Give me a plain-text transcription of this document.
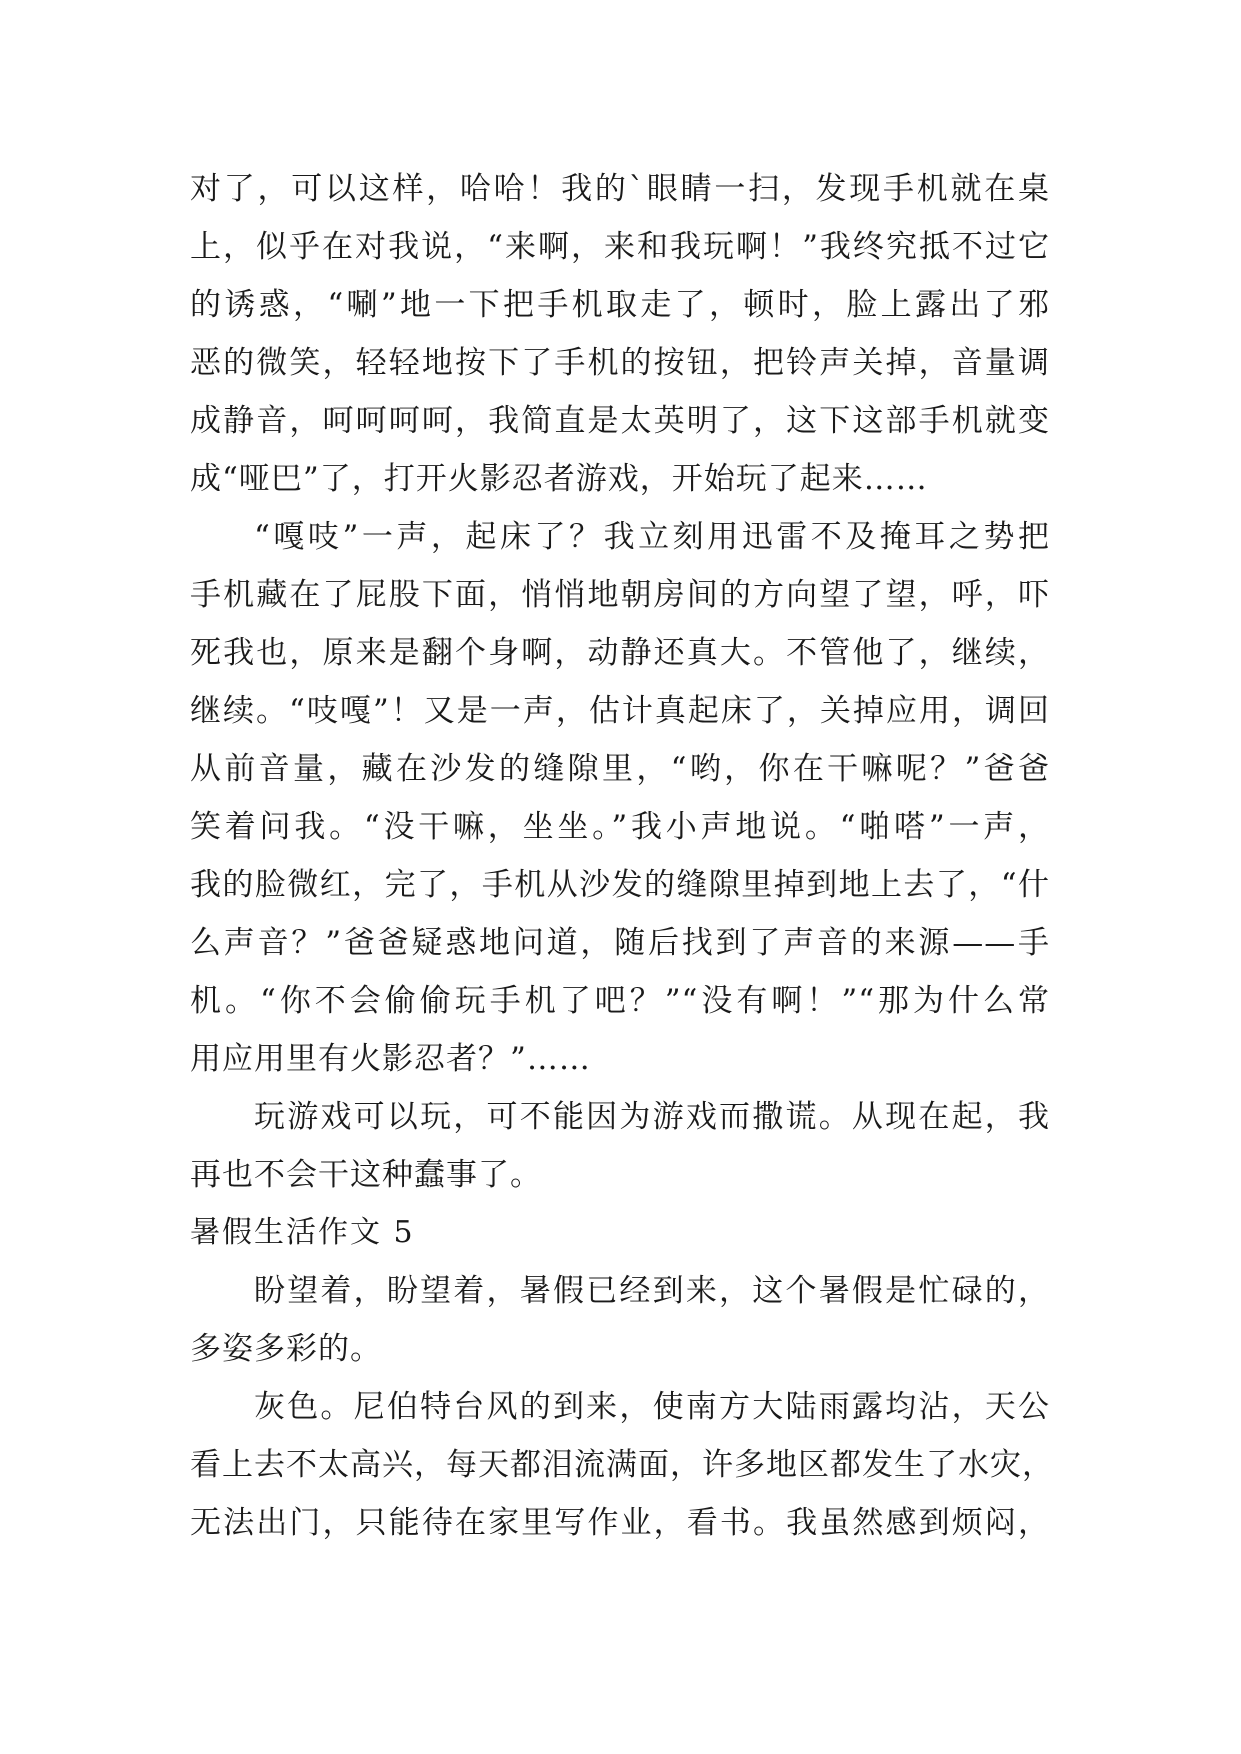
对了，可以这样，哈哈！我的`眼睛一扫，发现手机就在桌
上，似乎在对我说，“来啊，来和我玩啊！”我终究抵不过它
的诱惑，“唰”地一下把手机取走了，顿时，脸上露出了邪
恶的微笑，轻轻地按下了手机的按钮，把铃声关掉，音量调
成静音，呵呵呵呵，我简直是太英明了，这下这部手机就变
成“哑巴”了，打开火影忍者游戏，开始玩了起来……
“嘎吱”一声，起床了？我立刻用迅雷不及掩耳之势把
手机藏在了屁股下面，悄悄地朝房间的方向望了望，呼，吓
死我也，原来是翻个身啊，动静还真大。不管他了，继续，
继续。“吱嘎”！又是一声，估计真起床了，关掉应用，调回
从前音量，藏在沙发的缝隙里，“哟，你在干嘛呢？”爸爸
笑着问我。“没干嘛，坐坐。”我小声地说。“啪嗒”一声，
我的脸微红，完了，手机从沙发的缝隙里掉到地上去了，“什
么声音？”爸爸疑惑地问道，随后找到了声音的来源——手
机。“你不会偷偷玩手机了吧？”“没有啊！”“那为什么常
用应用里有火影忍者？”……
玩游戏可以玩，可不能因为游戏而撒谎。从现在起，我
再也不会干这种蠢事了。
暑假生活作文 5
盼望着，盼望着，暑假已经到来，这个暑假是忙碌的，
多姿多彩的。
灰色。尼伯特台风的到来，使南方大陆雨露均沾，天公
看上去不太高兴，每天都泪流满面，许多地区都发生了水灾，
无法出门，只能待在家里写作业，看书。我虽然感到烦闷，
